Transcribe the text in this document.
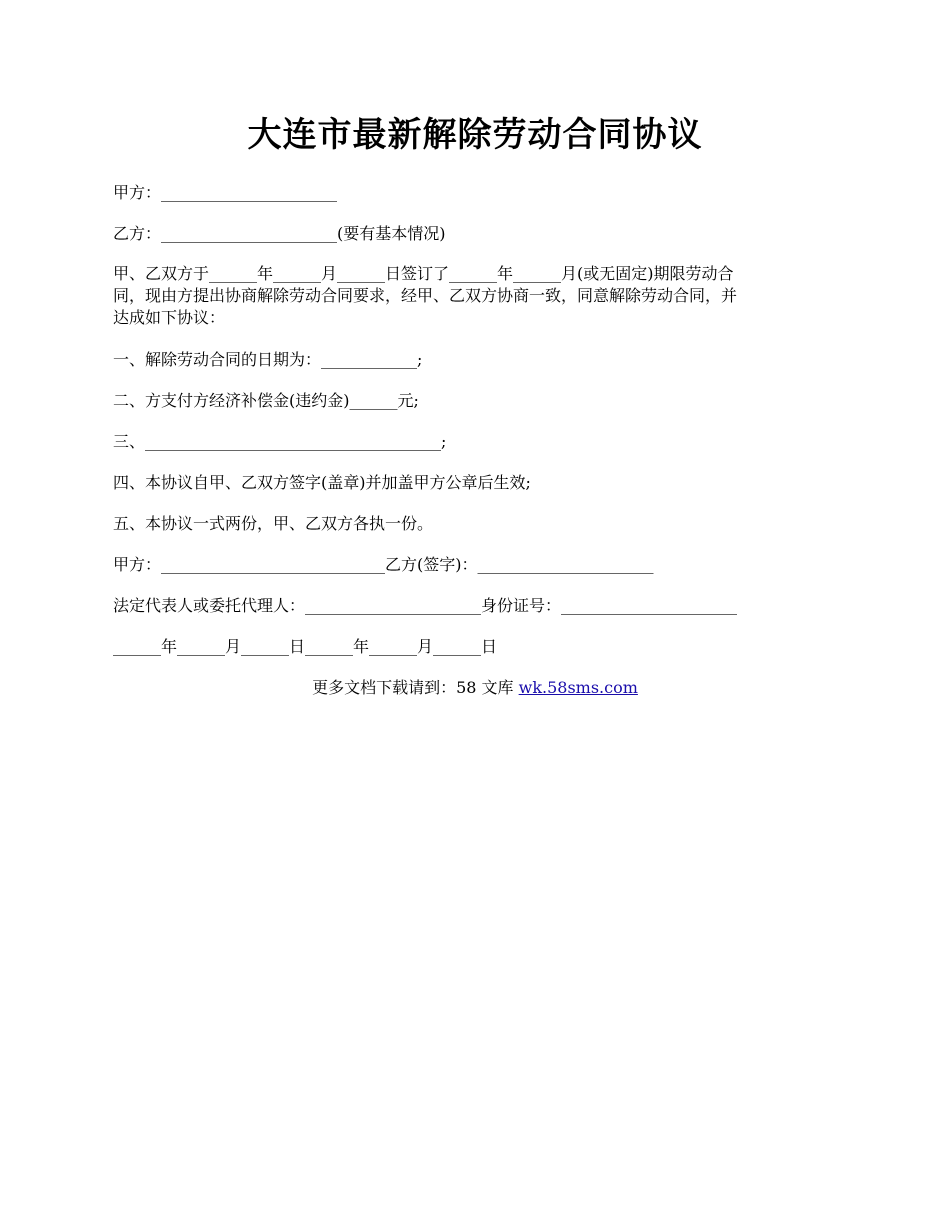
大连市最新解除劳动合同协议
甲方：______________________
乙方：______________________(要有基本情况)
甲、乙双方于______年______月______日签订了______年______月(或无固定)期限劳动合
同，现由方提出协商解除劳动合同要求，经甲、乙双方协商一致，同意解除劳动合同，并
达成如下协议：
一、解除劳动合同的日期为：____________;
二、方支付方经济补偿金(违约金)______元;
三、_____________________________________;
四、本协议自甲、乙双方签字(盖章)并加盖甲方公章后生效;
五、本协议一式两份，甲、乙双方各执一份。
甲方：____________________________乙方(签字)：______________________
法定代表人或委托代理人：______________________身份证号：______________________
______年______月______日______年______月______日
更多文档下载请到：58 文库 wk.58sms.com
